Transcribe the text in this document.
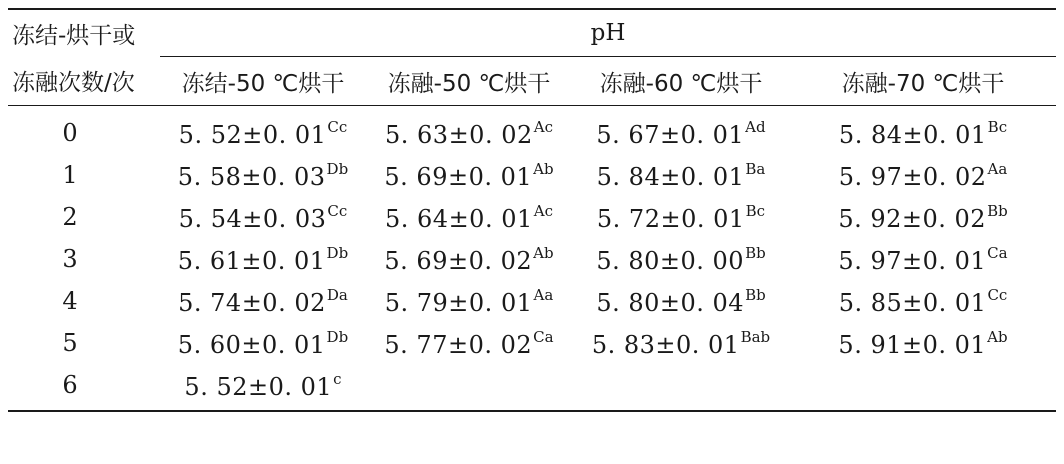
冻结-烘干或	pH			
冻融次数/次	冻结-50 ℃烘干	冻融-50 ℃烘干	冻融-60 ℃烘干	冻融-70 ℃烘干
0	5. 52±0. $01^{Cc}$	5. 63±0. $02^{Ac}$	5. 67±0. $01^{Ad}$	5. 84±0. $01^{Bc}$
1	5. 58±0. $03^{Db}$	5. 69±0. $01^{Ab}$	5. 84±0. $01^{Ba}$	5. 97±0. $02^{Aa}$
2	5. 54±0. $03^{Cc}$	5. 64±0. $01^{Ac}$	5. 72±0. $01^{Bc}$	5. 92±0. $02^{Bb}$
3	5. 61±0. $01^{Db}$	5. 69±0. $02^{Ab}$	5. 80±0. $00^{Bb}$	5. 97±0. $01^{Ca}$
4	5. 74±0. $02^{Da}$	5. 79±0. $01^{Aa}$	5. 80±0. $04^{Bb}$	5. 85±0. $01^{Cc}$
5	5. 60±0. $01^{Db}$	5. 77±0. $02^{Ca}$	5. 83±0. $01^{Bab}$	5. 91±0. $01^{Ab}$
6	5. 52±0. 01$^c$			
